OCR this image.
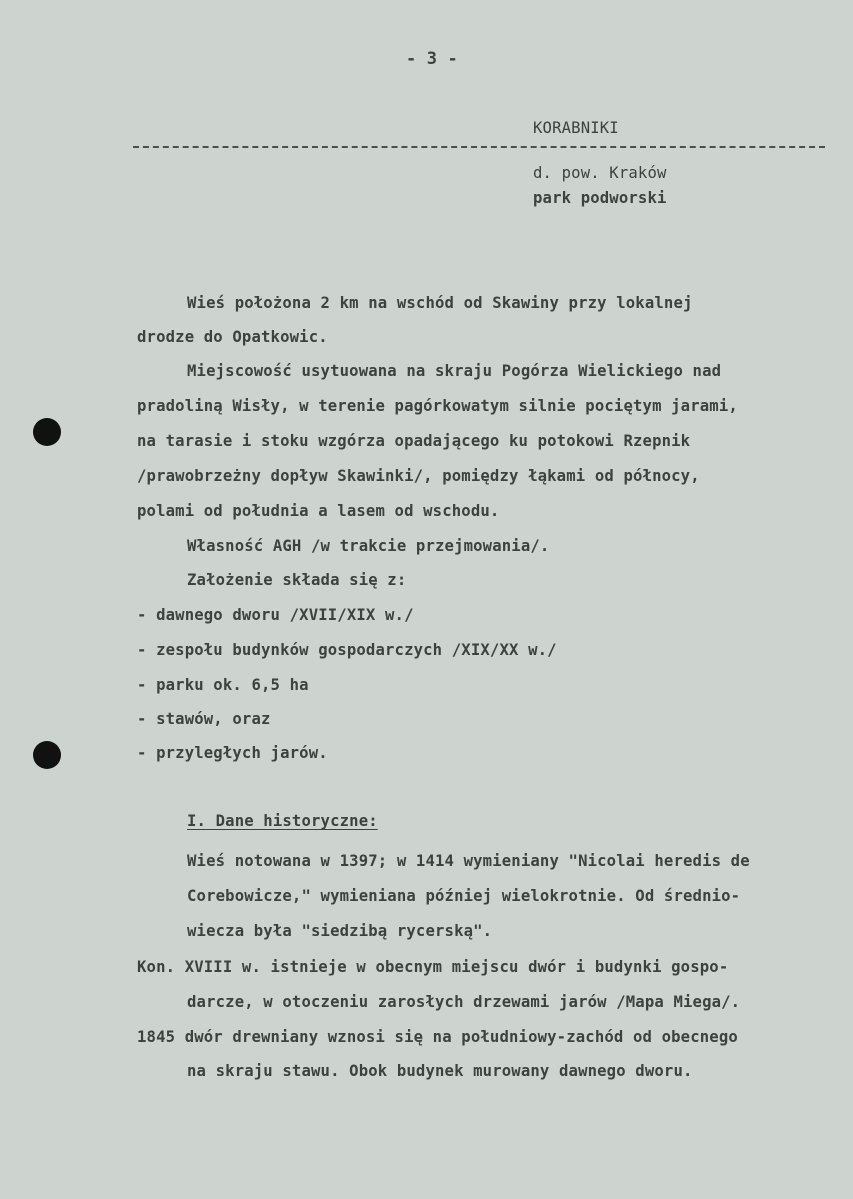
- 3 -
KORABNIKI
d. pow. Kraków
park podworski
Wieś położona 2 km na wschód od Skawiny przy lokalnej
drodze do Opatkowic.
Miejscowość usytuowana na skraju Pogórza Wielickiego nad
pradoliną Wisły, w terenie pagórkowatym silnie pociętym jarami,
na tarasie i stoku wzgórza opadającego ku potokowi Rzepnik
/prawobrzeżny dopływ Skawinki/, pomiędzy łąkami od północy,
polami od południa a lasem od wschodu.
Własność AGH /w trakcie przejmowania/.
Założenie składa się z:
- dawnego dworu /XVII/XIX w./
- zespołu budynków gospodarczych /XIX/XX w./
- parku ok. 6,5 ha
- stawów, oraz
- przyległych jarów.
I. Dane historyczne:
Wieś notowana w 1397; w 1414 wymieniany "Nicolai heredis de
Corebowicze," wymieniana później wielokrotnie. Od średnio-
wiecza była "siedzibą rycerską".
Kon. XVIII w. istnieje w obecnym miejscu dwór i budynki gospo-
darcze, w otoczeniu zarosłych drzewami jarów /Mapa Miega/.
1845 dwór drewniany wznosi się na południowy-zachód od obecnego
na skraju stawu. Obok budynek murowany dawnego dworu.
